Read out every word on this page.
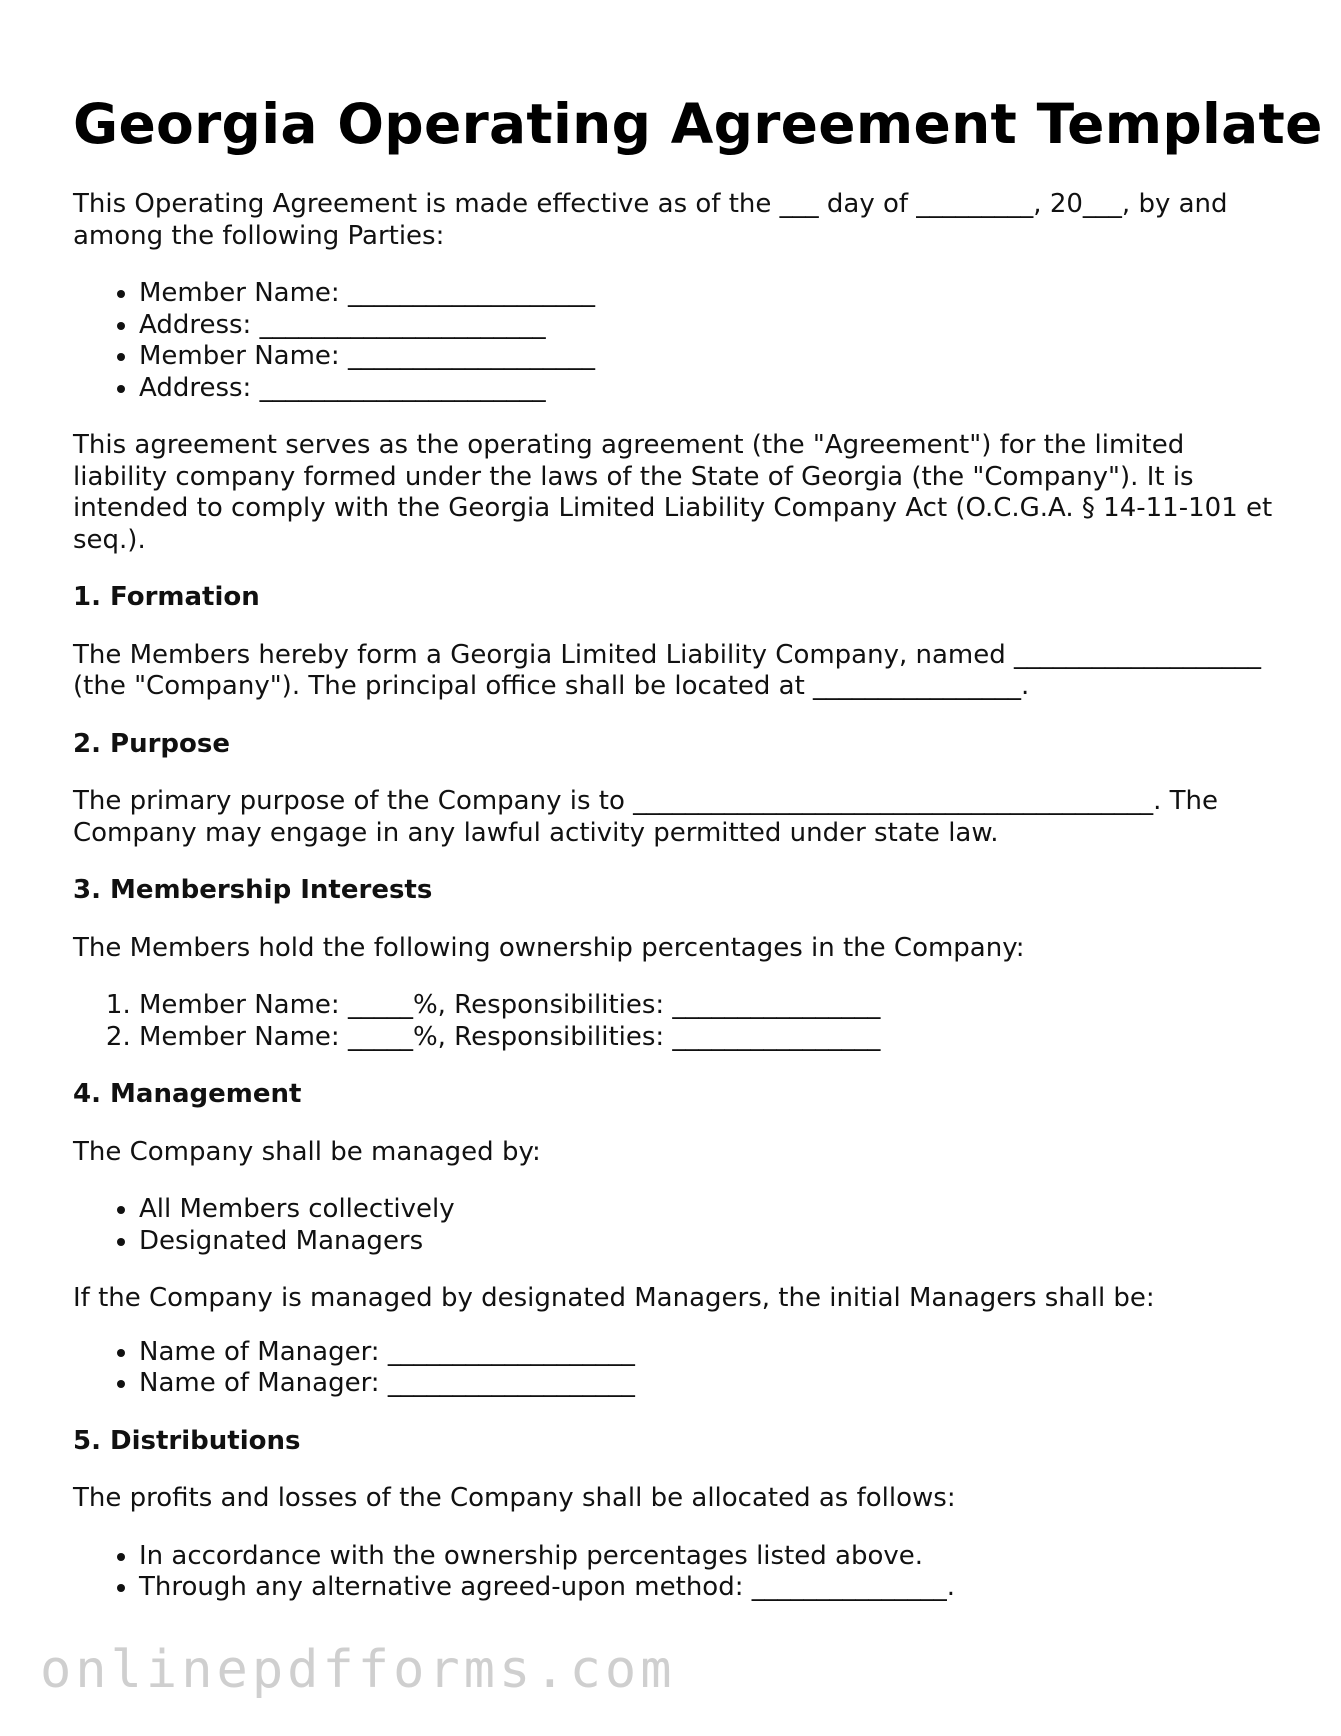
Georgia Operating Agreement Template

This Operating Agreement is made effective as of the ___ day of _________, 20___, by and among the following Parties:

• Member Name: ___________________
• Address: ______________________
• Member Name: ___________________
• Address: ______________________

This agreement serves as the operating agreement (the "Agreement") for the limited liability company formed under the laws of the State of Georgia (the "Company"). It is intended to comply with the Georgia Limited Liability Company Act (O.C.G.A. § 14-11-101 et seq.).

1. Formation

The Members hereby form a Georgia Limited Liability Company, named ___________________ (the "Company"). The principal office shall be located at ________________.

2. Purpose

The primary purpose of the Company is to ________________________________________. The Company may engage in any lawful activity permitted under state law.

3. Membership Interests

The Members hold the following ownership percentages in the Company:

1. Member Name: _____%, Responsibilities: ________________
2. Member Name: _____%, Responsibilities: ________________
4. Management

The Company shall be managed by:

• All Members collectively
• Designated Managers

If the Company is managed by designated Managers, the initial Managers shall be:

• Name of Manager: ___________________
• Name of Manager: ___________________
5. Distributions

The profits and losses of the Company shall be allocated as follows:

• In accordance with the ownership percentages listed above.
• Through any alternative agreed-upon method: _______________.
onlinepdfforms.com
